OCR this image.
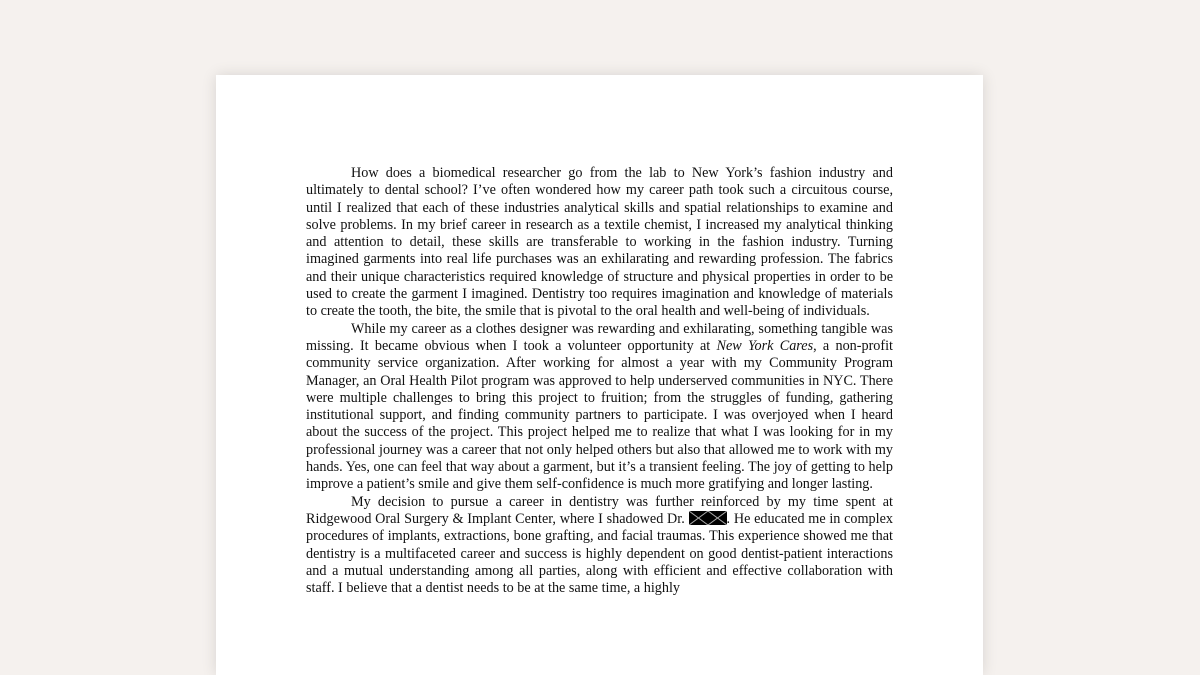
How does a biomedical researcher go from the lab to New York’s fashion industry and ultimately to dental school? I’ve often wondered how my career path took such a circuitous course, until I realized that each of these industries analytical skills and spatial relationships to examine and solve problems. In my brief career in research as a textile chemist, I increased my analytical thinking and attention to detail, these skills are transferable to working in the fashion industry. Turning imagined garments into real life purchases was an exhilarating and rewarding profession. The fabrics and their unique characteristics required knowledge of structure and physical properties in order to be used to create the garment I imagined. Dentistry too requires imagination and knowledge of materials to create the tooth, the bite, the smile that is pivotal to the oral health and well-being of individuals.

While my career as a clothes designer was rewarding and exhilarating, something tangible was missing. It became obvious when I took a volunteer opportunity at New York Cares, a non-profit community service organization. After working for almost a year with my Community Program Manager, an Oral Health Pilot program was approved to help underserved communities in NYC. There were multiple challenges to bring this project to fruition; from the struggles of funding, gathering institutional support, and finding community partners to participate. I was overjoyed when I heard about the success of the project. This project helped me to realize that what I was looking for in my professional journey was a career that not only helped others but also that allowed me to work with my hands. Yes, one can feel that way about a garment, but it’s a transient feeling. The joy of getting to help improve a patient’s smile and give them self-confidence is much more gratifying and longer lasting.

My decision to pursue a career in dentistry was further reinforced by my time spent at Ridgewood Oral Surgery & Implant Center, where I shadowed Dr.	. He educated me in complex procedures of implants, extractions, bone grafting, and facial traumas. This experience showed me that dentistry is a multifaceted career and success is highly dependent on good dentist-patient interactions and a mutual understanding among all parties, along with efficient and effective collaboration with staff. I believe that a dentist needs to be at the same time, a highly
